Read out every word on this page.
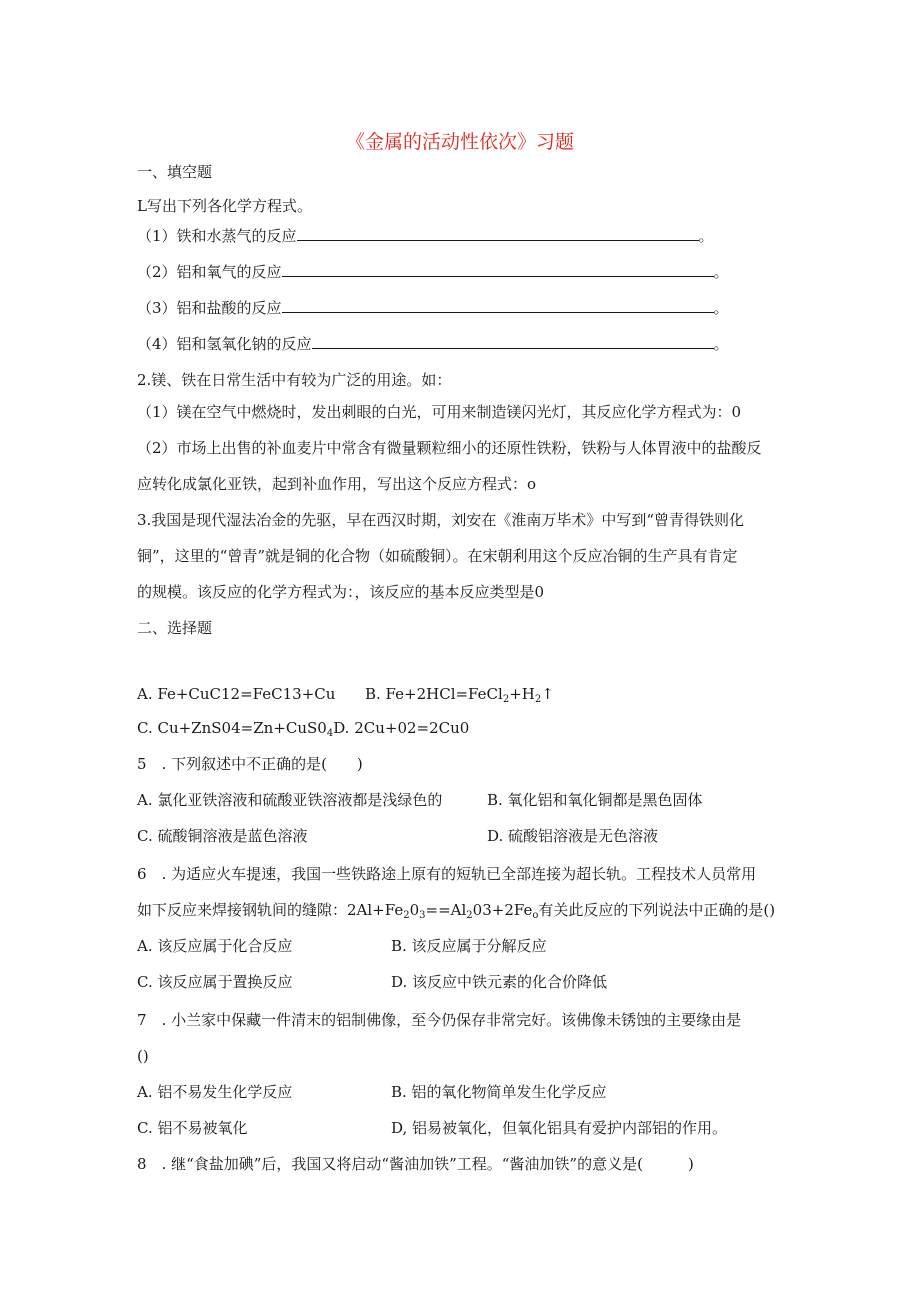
《金属的活动性依次》习题
一、填空题
L写出下列各化学方程式。
（1）铁和水蒸气的反应	。
（2）铝和氧气的反应	。
（3）铝和盐酸的反应	。
（4）铝和氢氧化钠的反应	。
2.镁、铁在日常生活中有较为广泛的用途。如：
（1）镁在空气中燃烧时，发出刺眼的白光，可用来制造镁闪光灯，其反应化学方程式为：0
（2）市场上出售的补血麦片中常含有微量颗粒细小的还原性铁粉，铁粉与人体胃液中的盐酸反
应转化成氯化亚铁，起到补血作用，写出这个反应方程式：o
3.我国是现代湿法冶金的先驱，早在西汉时期，刘安在《淮南万毕术》中写到“曾青得铁则化
铜”，这里的“曾青”就是铜的化合物（如硫酸铜）。在宋朝利用这个反应冶铜的生产具有肯定
的规模。该反应的化学方程式为：，该反应的基本反应类型是0
二、选择题
A. Fe+CuC12=FeC13+Cu B. $Fe+2HCl=FeCl_2+H_2↑$
C. $Cu+ZnS04=Zn+CuS0_4D$. 2Cu+02=2Cu0
5　. 下列叙述中不正确的是(　　)
A. 氯化亚铁溶液和硫酸亚铁溶液都是浅绿色的	B. 氧化铝和氧化铜都是黑色固体
C. 硫酸铜溶液是蓝色溶液	D. 硫酸铝溶液是无色溶液
6　. 为适应火车提速，我国一些铁路途上原有的短轨已全部连接为超长轨。工程技术人员常用
如下反应来焊接钢轨间的缝隙：$2Al+Fe_20_3==Al_203+2Fe_o$有关此反应的下列说法中正确的是()
A. 该反应属于化合反应	B. 该反应属于分解反应
C. 该反应属于置换反应	D. 该反应中铁元素的化合价降低
7　. 小兰家中保藏一件清末的铝制佛像，至今仍保存非常完好。该佛像未锈蚀的主要缘由是
()
A. 铝不易发生化学反应	B. 铝的氧化物简单发生化学反应
C. 铝不易被氧化	D, 铝易被氧化，但氧化铝具有爱护内部铝的作用。
8　. 继“食盐加碘”后，我国又将启动“酱油加铁”工程。“酱油加铁”的意义是(　　　)
